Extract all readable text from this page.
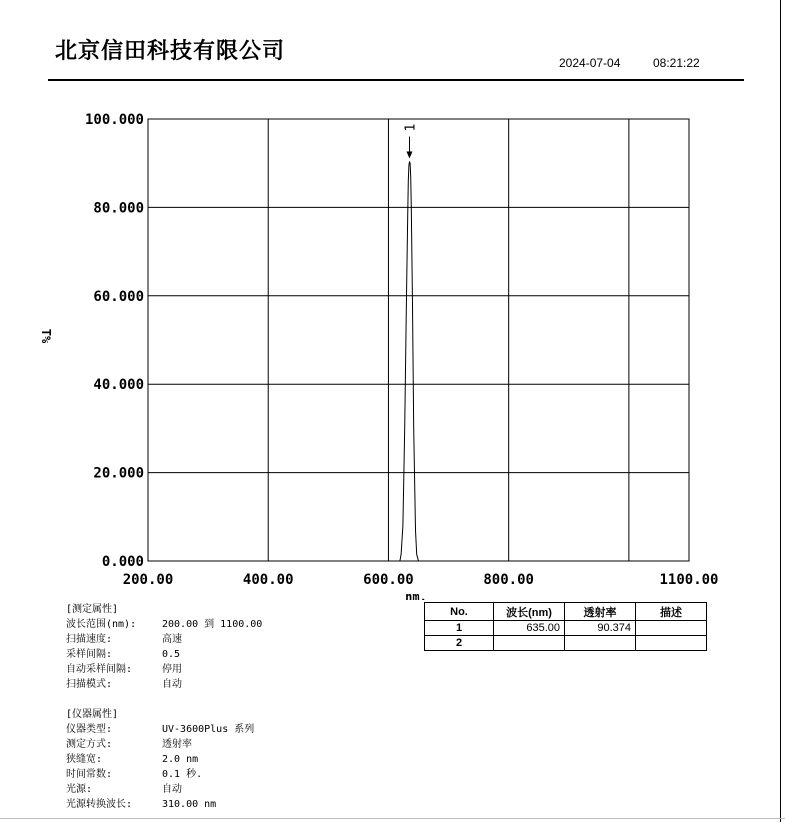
北京信田科技有限公司	2024-07-04	08:21:22
100.000
80.000
60.000
40.000
20.000
0.000
200.00	400.00	600.00	800.00	1100.00
T%
nm.
1
[测定属性]
波长范围(nm):	200.00 到 1100.00
扫描速度:	高速
采样间隔:	0.5
自动采样间隔:	停用
扫描模式:	自动
[仪器属性]
仪器类型:	UV-3600Plus 系列
测定方式:	透射率
狭缝宽:	2.0 nm
时间常数:	0.1 秒.
光源:	自动
光源转换波长:	310.00 nm
No.	波长(nm)	透射率	描述
1	635.00	90.374	
2			
